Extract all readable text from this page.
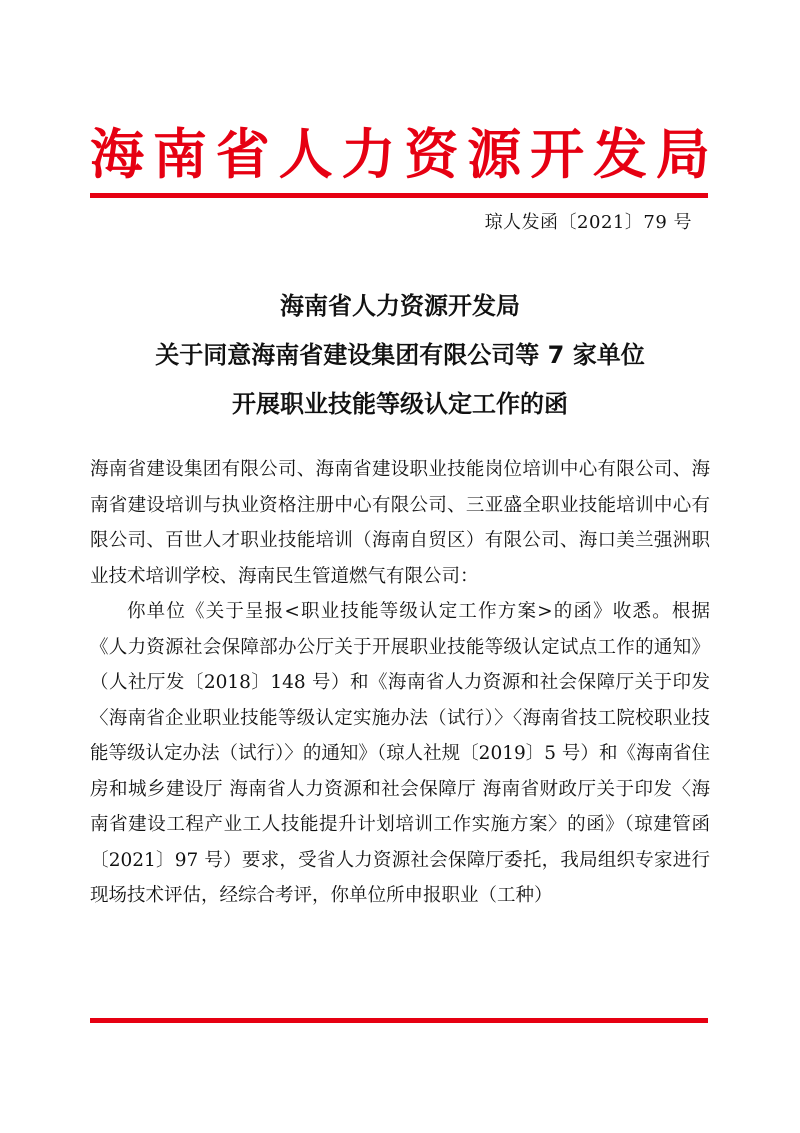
海 南 省 人 力 资 源 开 发 局
琼人发函〔2021〕79 号
海南省人力资源开发局
关于同意海南省建设集团有限公司等 7 家单位
开展职业技能等级认定工作的函

海南省建设集团有限公司、海南省建设职业技能岗位培训中心有限公司、海南省建设培训与执业资格注册中心有限公司、三亚盛全职业技能培训中心有限公司、百世人才职业技能培训（海南自贸区）有限公司、海口美兰强洲职业技术培训学校、海南民生管道燃气有限公司：

你单位《关于呈报<职业技能等级认定工作方案>的函》收悉。根据《人力资源社会保障部办公厅关于开展职业技能等级认定试点工作的通知》（人社厅发〔2018〕148 号）和《海南省人力资源和社会保障厅关于印发〈海南省企业职业技能等级认定实施办法（试行）〉〈海南省技工院校职业技能等级认定办法（试行）〉的通知》（琼人社规〔2019〕5 号）和《海南省住房和城乡建设厅 海南省人力资源和社会保障厅 海南省财政厅关于印发〈海南省建设工程产业工人技能提升计划培训工作实施方案〉的函》（琼建管函〔2021〕97 号）要求，受省人力资源社会保障厅委托，我局组织专家进行现场技术评估，经综合考评，你单位所申报职业（工种）
